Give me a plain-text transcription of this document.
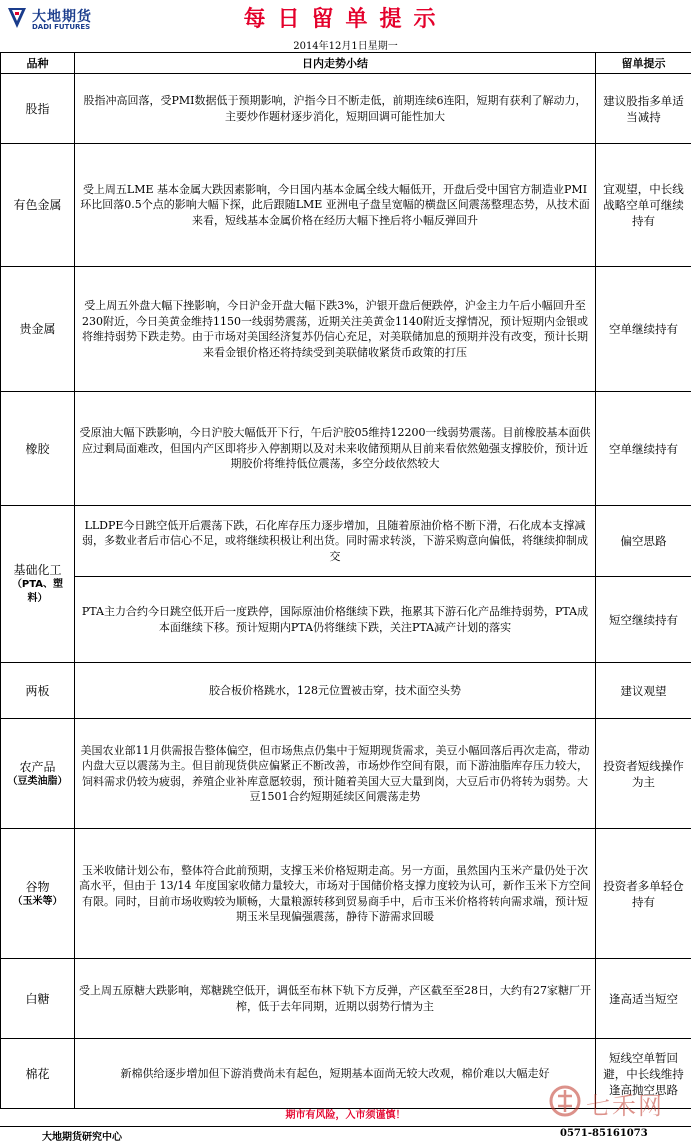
大地期货
DADI FUTURES	每日留单提示
2014年12月1日星期一
品种	日内走势小结	留单提示
股指	股指冲高回落，受PMI数据低于预期影响，沪指今日不断走低，前期连续6连阳，短期有获利了解动力，主要炒作题材逐步消化，短期回调可能性加大	建议股指多单适当减持
有色金属	受上周五LME 基本金属大跌因素影响，今日国内基本金属全线大幅低开，开盘后受中国官方制造业PMI环比回落0.5个点的影响大幅下探，此后跟随LME 亚洲电子盘呈宽幅的横盘区间震荡整理态势，从技术面来看，短线基本金属价格在经历大幅下挫后将小幅反弹回升	宜观望，中长线战略空单可继续持有
贵金属	受上周五外盘大幅下挫影响，今日沪金开盘大幅下跌3%，沪银开盘后便跌停，沪金主力午后小幅回升至230附近，今日美黄金维持1150一线弱势震荡，近期关注美黄金1140附近支撑情况，预计短期内金银或将维持弱势下跌走势。由于市场对美国经济复苏仍信心充足，对美联储加息的预期并没有改变，预计长期来看金银价格还将持续受到美联储收紧货币政策的打压	空单继续持有
橡胶	受原油大幅下跌影响，今日沪胶大幅低开下行，午后沪胶05维持12200一线弱势震荡。目前橡胶基本面供应过剩局面难改，但国内产区即将步入停割期以及对未来收储预期从目前来看依然勉强支撑胶价，预计近期胶价将维持低位震荡，多空分歧依然较大	空单继续持有
基础化工
（PTA、塑料）	LLDPE今日跳空低开后震荡下跌，石化库存压力逐步增加，且随着原油价格不断下滑，石化成本支撑减弱，多数业者后市信心不足，或将继续积极让利出货。同时需求转淡，下游采购意向偏低，将继续抑制成交	偏空思路
	PTA主力合约今日跳空低开后一度跌停，国际原油价格继续下跌，拖累其下游石化产品维持弱势，PTA成本面继续下移。预计短期内PTA仍将继续下跌，关注PTA减产计划的落实	短空继续持有
两板	胶合板价格跳水，128元位置被击穿，技术面空头势	建议观望
农产品
（豆类油脂）	美国农业部11月供需报告整体偏空，但市场焦点仍集中于短期现货需求，美豆小幅回落后再次走高，带动内盘大豆以震荡为主。但目前现货供应偏紧正不断改善，市场炒作空间有限，而下游油脂库存压力较大，饲料需求仍较为疲弱，养殖企业补库意愿较弱，预计随着美国大豆大量到岗，大豆后市仍将转为弱势。大豆1501合约短期延续区间震荡走势	投资者短线操作为主
谷物
（玉米等）	玉米收储计划公布，整体符合此前预期，支撑玉米价格短期走高。另一方面，虽然国内玉米产量仍处于次高水平，但由于 13/14 年度国家收储力量较大，市场对于国储价格支撑力度较为认可，新作玉米下方空间有限。同时，目前市场收购较为顺畅，大量粮源转移到贸易商手中，后市玉米价格将转向需求端，预计短期玉米呈现偏强震荡，静待下游需求回暖	投资者多单轻仓持有
白糖	受上周五原糖大跌影响，郑糖跳空低开，调低至布林下轨下方反弹，产区截至至28日，大约有27家糖厂开榨，低于去年同期，近期以弱势行情为主	逢高适当短空
棉花	新棉供给逐步增加但下游消费尚未有起色，短期基本面尚无较大改观，棉价难以大幅走好	短线空单暂回避，中长线维持逢高抛空思路
七禾网
期市有风险，入市须谨慎！
大地期货研究中心	0571-85161073
